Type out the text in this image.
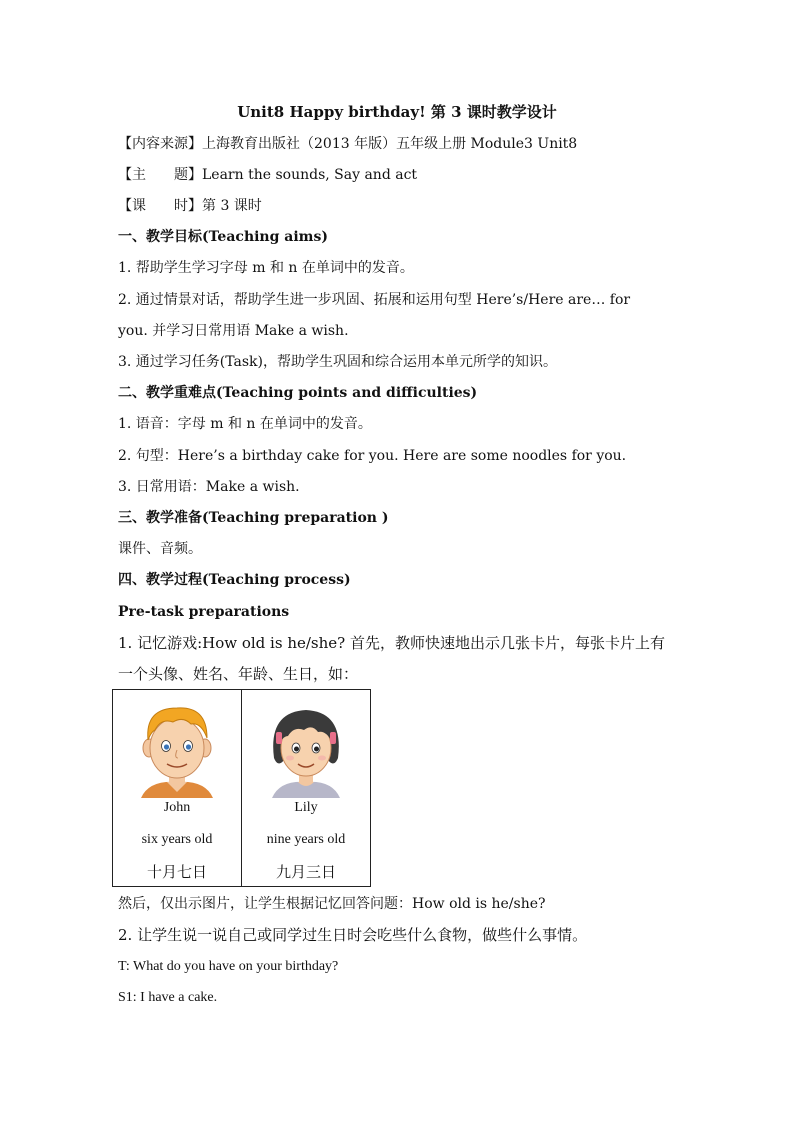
Unit8 Happy birthday! 第 3 课时教学设计
【内容来源】上海教育出版社（2013 年版）五年级上册 Module3 Unit8
【主　　题】Learn the sounds, Say and act
【课　　时】第 3 课时
一、教学目标(Teaching aims)
1. 帮助学生学习字母 m 和 n 在单词中的发音。
2. 通过情景对话，帮助学生进一步巩固、拓展和运用句型 Here’s/Here are… for
you. 并学习日常用语 Make a wish.
3. 通过学习任务(Task)，帮助学生巩固和综合运用本单元所学的知识。
二、教学重难点(Teaching points and difficulties)
1. 语音：字母 m 和 n 在单词中的发音。
2. 句型：Here’s a birthday cake for you. Here are some noodles for you.
3. 日常用语：Make a wish.
三、教学准备(Teaching preparation )
课件、音频。
四、教学过程(Teaching process)
Pre-task preparations
1. 记忆游戏:How old is he/she? 首先，教师快速地出示几张卡片，每张卡片上有
一个头像、姓名、年龄、生日，如：
John
six years old
十月七日

Lily
nine years old
九月三日
然后，仅出示图片，让学生根据记忆回答问题：How old is he/she?
2. 让学生说一说自己或同学过生日时会吃些什么食物，做些什么事情。
T: What do you have on your birthday?
S1: I have a cake.
